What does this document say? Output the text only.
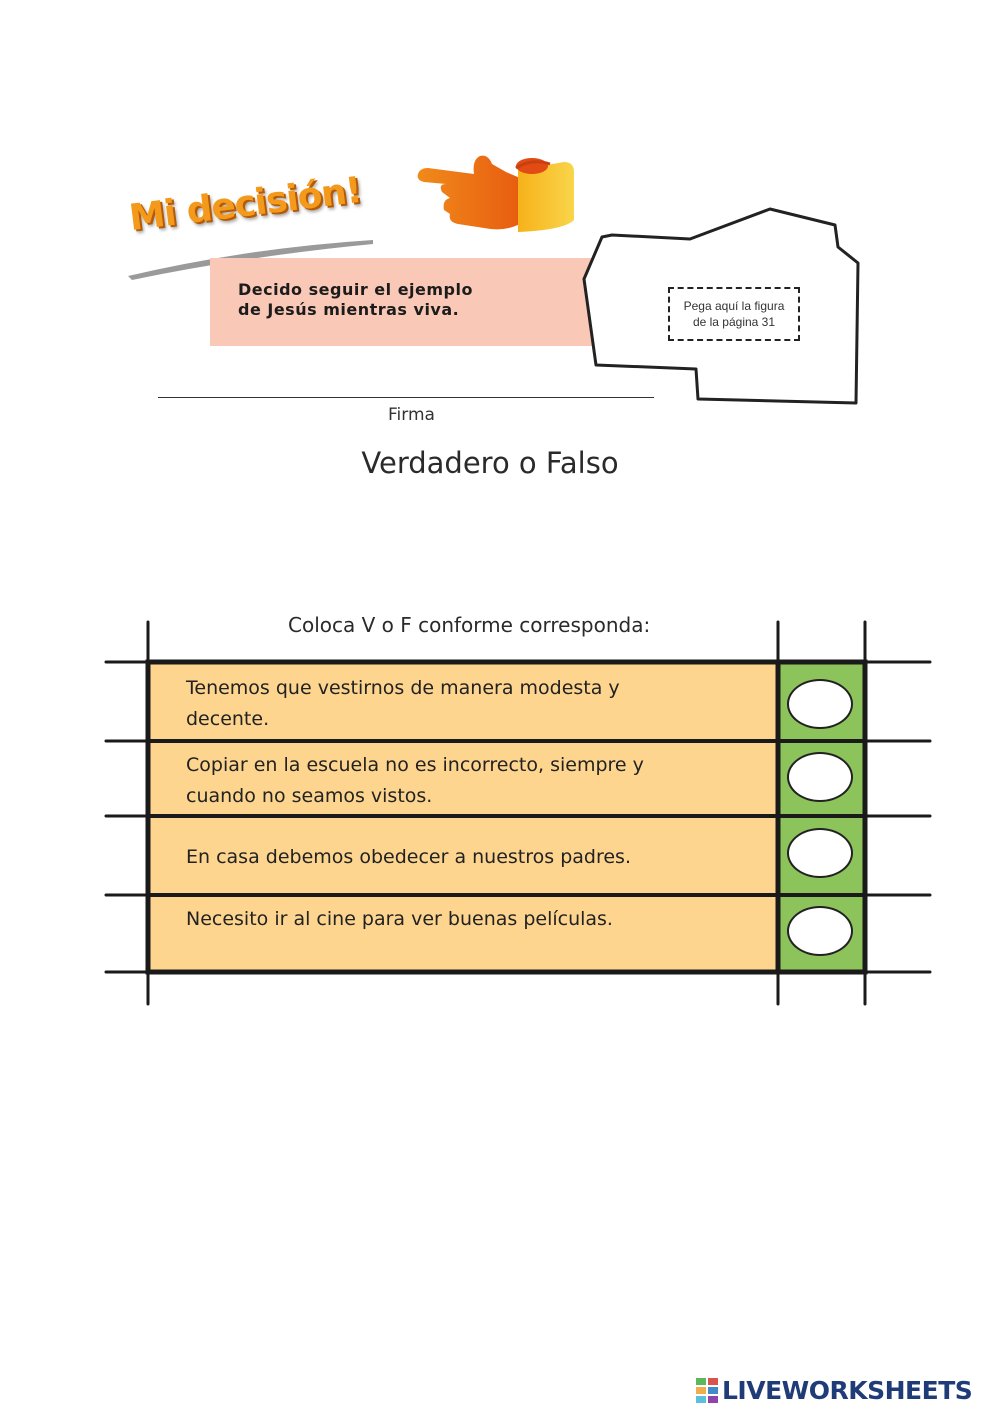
Mi decisión!
Decido seguir el ejemplo
de Jesús mientras viva.	Pega aquí la figura
de la página 31
Firma
Verdadero o Falso
Coloca V o F conforme corresponda:
Tenemos que vestirnos de manera modesta y
decente.
Copiar en la escuela no es incorrecto, siempre y
cuando no seamos vistos.
En casa debemos obedecer a nuestros padres.
Necesito ir al cine para ver buenas películas.
LIVEWORKSHEETS
